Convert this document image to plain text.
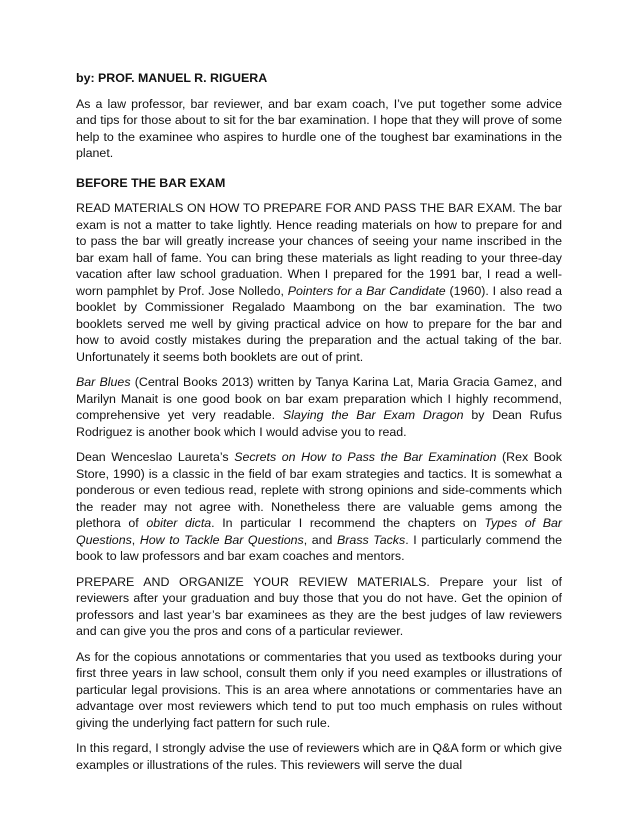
by: PROF. MANUEL R. RIGUERA

As a law professor, bar reviewer, and bar exam coach, I’ve put together some advice and tips for those about to sit for the bar examination. I hope that they will prove of some help to the examinee who aspires to hurdle one of the toughest bar examinations in the planet.

BEFORE THE BAR EXAM

READ MATERIALS ON HOW TO PREPARE FOR AND PASS THE BAR EXAM. The bar exam is not a matter to take lightly. Hence reading materials on how to prepare for and to pass the bar will greatly increase your chances of seeing your name inscribed in the bar exam hall of fame. You can bring these materials as light reading to your three-day vacation after law school graduation. When I prepared for the 1991 bar, I read a well-worn pamphlet by Prof. Jose Nolledo, Pointers for a Bar Candidate (1960). I also read a booklet by Commissioner Regalado Maambong on the bar examination. The two booklets served me well by giving practical advice on how to prepare for the bar and how to avoid costly mistakes during the preparation and the actual taking of the bar. Unfortunately it seems both booklets are out of print.

Bar Blues (Central Books 2013) written by Tanya Karina Lat, Maria Gracia Gamez, and Marilyn Manait is one good book on bar exam preparation which I highly recommend, comprehensive yet very readable. Slaying the Bar Exam Dragon by Dean Rufus Rodriguez is another book which I would advise you to read.

Dean Wenceslao Laureta’s Secrets on How to Pass the Bar Examination (Rex Book Store, 1990) is a classic in the field of bar exam strategies and tactics. It is somewhat a ponderous or even tedious read, replete with strong opinions and side-comments which the reader may not agree with. Nonetheless there are valuable gems among the plethora of obiter dicta. In particular I recommend the chapters on Types of Bar Questions, How to Tackle Bar Questions, and Brass Tacks. I particularly commend the book to law professors and bar exam coaches and mentors.

PREPARE AND ORGANIZE YOUR REVIEW MATERIALS. Prepare your list of reviewers after your graduation and buy those that you do not have. Get the opinion of professors and last year’s bar examinees as they are the best judges of law reviewers and can give you the pros and cons of a particular reviewer.

As for the copious annotations or commentaries that you used as textbooks during your first three years in law school, consult them only if you need examples or illustrations of particular legal provisions. This is an area where annotations or commentaries have an advantage over most reviewers which tend to put too much emphasis on rules without giving the underlying fact pattern for such rule.

In this regard, I strongly advise the use of reviewers which are in Q&A form or which give examples or illustrations of the rules. This reviewers will serve the dual
